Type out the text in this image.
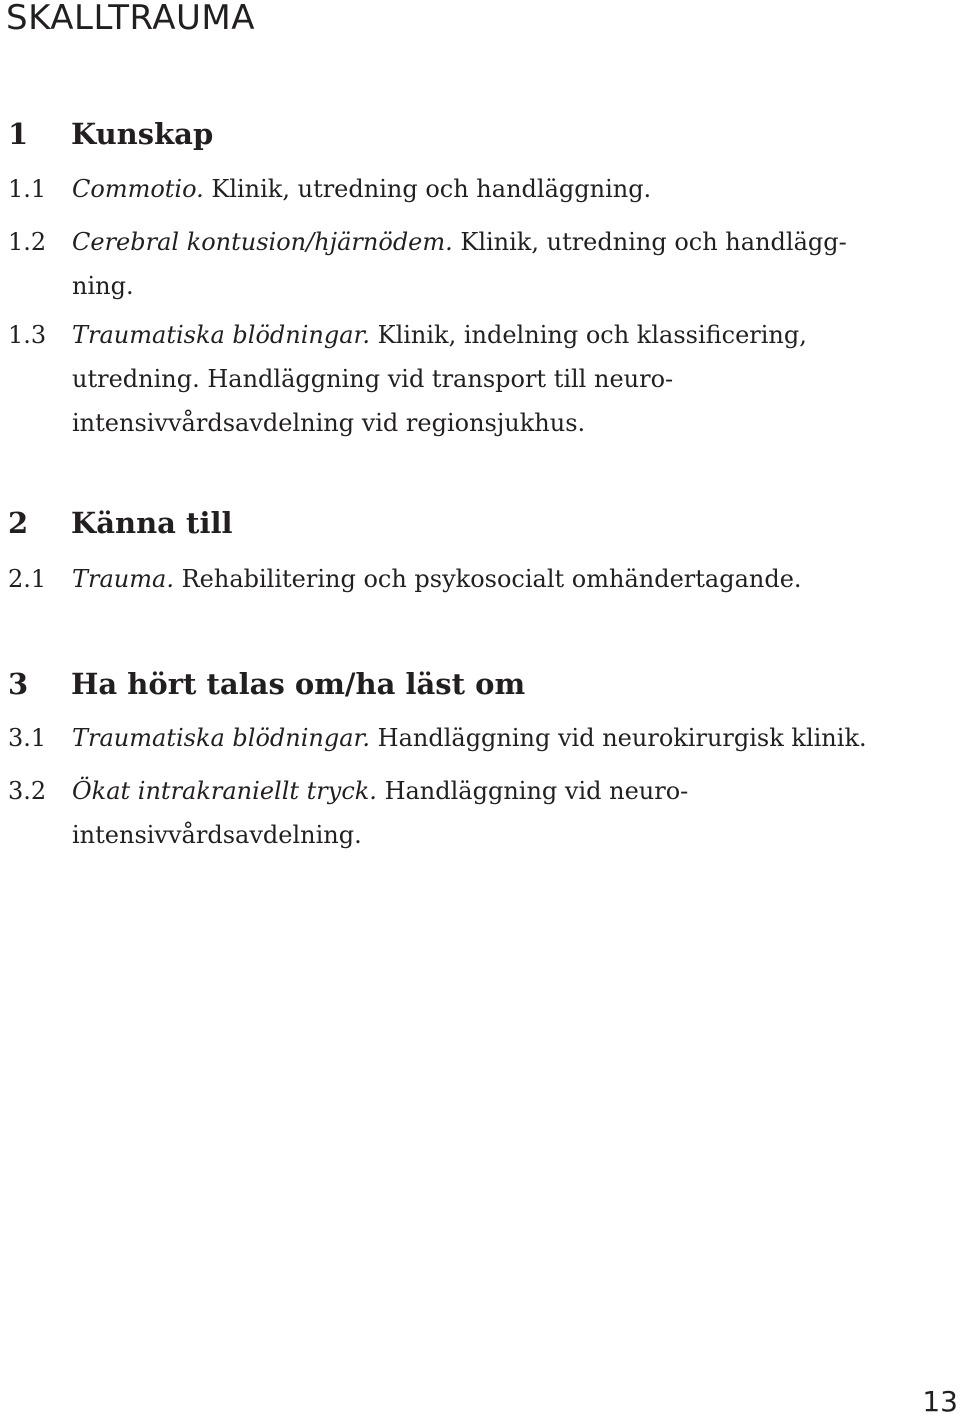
SKALLTRAUMA
1 Kunskap
1.1 Commotio. Klinik, utredning och handläggning.

1.2 Cerebral kontusion/hjärnödem. Klinik, utredning och handlägg-
ning.

1.3 Traumatiska blödningar. Klinik, indelning och klassificering,
utredning. Handläggning vid transport till neuro-
intensivvårdsavdelning vid regionsjukhus.

2 Känna till
2.1 Trauma. Rehabilitering och psykosocialt omhändertagande.

3 Ha hört talas om/ha läst om
3.1 Traumatiska blödningar. Handläggning vid neurokirurgisk klinik.

3.2 Ökat intrakraniellt tryck. Handläggning vid neuro-
intensivvårdsavdelning.

13
